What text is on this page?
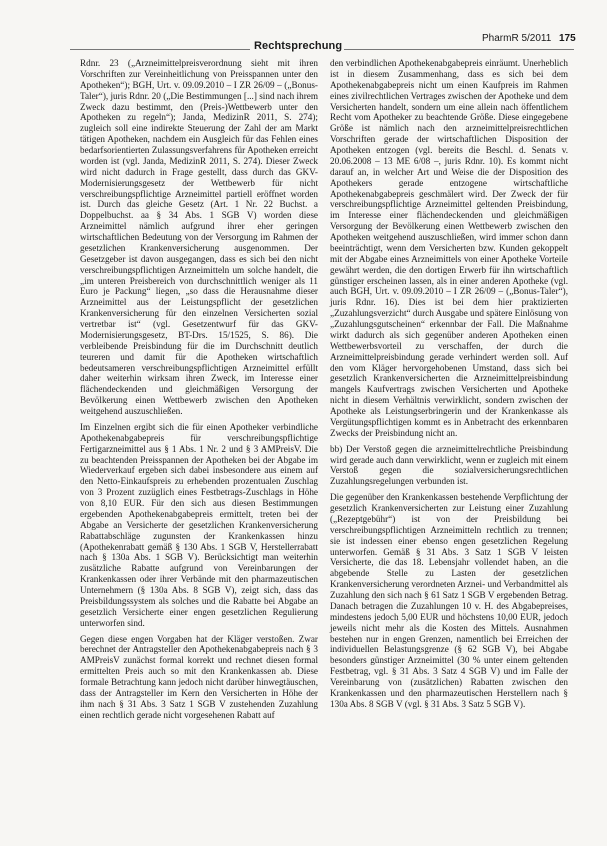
Rechtsprechung
PharmR 5/2011 175

Rdnr. 23 („Arzneimittelpreisverordnung sieht mit ihren Vorschriften zur Vereinheitlichung von Preisspannen unter den Apotheken“); BGH, Urt. v. 09.09.2010 – I ZR 26/09 – („Bonus-Taler“), juris Rdnr. 20 („Die Bestimmungen [...] sind nach ihrem Zweck dazu bestimmt, den (Preis-)Wettbewerb unter den Apotheken zu regeln“); Janda, MedizinR 2011, S. 274); zugleich soll eine indirekte Steuerung der Zahl der am Markt tätigen Apotheken, nachdem ein Ausgleich für das Fehlen eines bedarfsorientierten Zulassungsverfahrens für Apotheken erreicht worden ist (vgl. Janda, MedizinR 2011, S. 274). Dieser Zweck wird nicht dadurch in Frage gestellt, dass durch das GKV-Modernisierungsgesetz der Wettbewerb für nicht verschreibungspflichtige Arzneimittel partiell eröffnet worden ist. Durch das gleiche Gesetz (Art. 1 Nr. 22 Buchst. a Doppelbuchst. aa § 34 Abs. 1 SGB V) worden diese Arzneimittel nämlich aufgrund ihrer eher geringen wirtschaftlichen Bedeutung von der Versorgung im Rahmen der gesetzlichen Krankenversicherung ausgenommen. Der Gesetzgeber ist davon ausgegangen, dass es sich bei den nicht verschreibungspflichtigen Arzneimitteln um solche handelt, die „im unteren Preisbereich von durchschnittlich weniger als 11 Euro je Packung“ liegen, „so dass die Herausnahme dieser Arzneimittel aus der Leistungspflicht der gesetzlichen Krankenversicherung für den einzelnen Versicherten sozial vertretbar ist“ (vgl. Gesetzentwurf für das GKV-Modernisierungsgesetz, BT-Drs. 15/1525, S. 86). Die verbleibende Preisbindung für die im Durchschnitt deutlich teureren und damit für die Apotheken wirtschaftlich bedeutsameren verschreibungspflichtigen Arzneimittel erfüllt daher weiterhin wirksam ihren Zweck, im Interesse einer flächendeckenden und gleichmäßigen Versorgung der Bevölkerung einen Wettbewerb zwischen den Apotheken weitgehend auszuschließen.

Im Einzelnen ergibt sich die für einen Apotheker verbindliche Apothekenabgabepreis für verschreibungspflichtige Fertigarzneimittel aus § 1 Abs. 1 Nr. 2 und § 3 AMPreisV. Die zu beachtenden Preisspannen der Apotheken bei der Abgabe im Wiederverkauf ergeben sich dabei insbesondere aus einem auf den Netto-Einkaufspreis zu erhebenden prozentualen Zuschlag von 3 Prozent zuzüglich eines Festbetrags-Zuschlags in Höhe von 8,10 EUR. Für den sich aus diesen Bestimmungen ergebenden Apothekenabgabepreis ermittelt, treten bei der Abgabe an Versicherte der gesetzlichen Krankenversicherung Rabattabschläge zugunsten der Krankenkassen hinzu (Apothekenrabatt gemäß § 130 Abs. 1 SGB V, Herstellerrabatt nach § 130a Abs. 1 SGB V). Berücksichtigt man weiterhin zusätzliche Rabatte aufgrund von Vereinbarungen der Krankenkassen oder ihrer Verbände mit den pharmazeutischen Unternehmern (§ 130a Abs. 8 SGB V), zeigt sich, dass das Preisbildungssystem als solches und die Rabatte bei Abgabe an gesetzlich Versicherte einer engen gesetzlichen Regulierung unterworfen sind.

Gegen diese engen Vorgaben hat der Kläger verstoßen. Zwar berechnet der Antragsteller den Apothekenabgabepreis nach § 3 AMPreisV zunächst formal korrekt und rechnet diesen formal ermittelten Preis auch so mit den Krankenkassen ab. Diese formale Betrachtung kann jedoch nicht darüber hinwegtäuschen, dass der Antragsteller im Kern den Versicherten in Höhe der ihm nach § 31 Abs. 3 Satz 1 SGB V zustehenden Zuzahlung einen rechtlich gerade nicht vorgesehenen Rabatt auf

den verbindlichen Apothekenabgabepreis einräumt. Unerheblich ist in diesem Zusammenhang, dass es sich bei dem Apothekenabgabepreis nicht um einen Kaufpreis im Rahmen eines zivilrechtlichen Vertrages zwischen der Apotheke und dem Versicherten handelt, sondern um eine allein nach öffentlichem Recht vom Apotheker zu beachtende Größe. Diese eingegebene Größe ist nämlich nach den arzneimittelpreisrechtlichen Vorschriften gerade der wirtschaftlichen Disposition der Apotheken entzogen (vgl. bereits die Beschl. d. Senats v. 20.06.2008 – 13 ME 6/08 –, juris Rdnr. 10). Es kommt nicht darauf an, in welcher Art und Weise die der Disposition des Apothekers gerade entzogene wirtschaftliche Apothekenabgabepreis geschmälert wird. Der Zweck der für verschreibungspflichtige Arzneimittel geltenden Preisbindung, im Interesse einer flächendeckenden und gleichmäßigen Versorgung der Bevölkerung einen Wettbewerb zwischen den Apotheken weitgehend auszuschließen, wird immer schon dann beeinträchtigt, wenn dem Versicherten bzw. Kunden gekoppelt mit der Abgabe eines Arzneimittels von einer Apotheke Vorteile gewährt werden, die den dortigen Erwerb für ihn wirtschaftlich günstiger erscheinen lassen, als in einer anderen Apotheke (vgl. auch BGH, Urt. v. 09.09.2010 – I ZR 26/09 – („Bonus-Taler“), juris Rdnr. 16). Dies ist bei dem hier praktizierten „Zuzahlungsverzicht“ durch Ausgabe und spätere Einlösung von „Zuzahlungsgutscheinen“ erkennbar der Fall. Die Maßnahme wirkt dadurch als sich gegenüber anderen Apotheken einen Wettbewerbsvorteil zu verschaffen, der durch die Arzneimittelpreisbindung gerade verhindert werden soll. Auf den vom Kläger hervorgehobenen Umstand, dass sich bei gesetzlich Krankenversicherten die Arzneimittelpreisbindung mangels Kaufvertrags zwischen Versicherten und Apotheke nicht in diesem Verhältnis verwirklicht, sondern zwischen der Apotheke als Leistungserbringerin und der Krankenkasse als Vergütungspflichtigen kommt es in Anbetracht des erkennbaren Zwecks der Preisbindung nicht an.

bb) Der Verstoß gegen die arzneimittelrechtliche Preisbindung wird gerade auch dann verwirklicht, wenn er zugleich mit einem Verstoß gegen die sozialversicherungsrechtlichen Zuzahlungsregelungen verbunden ist.

Die gegenüber den Krankenkassen bestehende Verpflichtung der gesetzlich Krankenversicherten zur Leistung einer Zuzahlung („Rezeptgebühr“) ist von der Preisbildung bei verschreibungspflichtigen Arzneimitteln rechtlich zu trennen; sie ist indessen einer ebenso engen gesetzlichen Regelung unterworfen. Gemäß § 31 Abs. 3 Satz 1 SGB V leisten Versicherte, die das 18. Lebensjahr vollendet haben, an die abgebende Stelle zu Lasten der gesetzlichen Krankenversicherung verordneten Arznei- und Verbandmittel als Zuzahlung den sich nach § 61 Satz 1 SGB V ergebenden Betrag. Danach betragen die Zuzahlungen 10 v. H. des Abgabepreises, mindestens jedoch 5,00 EUR und höchstens 10,00 EUR, jedoch jeweils nicht mehr als die Kosten des Mittels. Ausnahmen bestehen nur in engen Grenzen, namentlich bei Erreichen der individuellen Belastungsgrenze (§ 62 SGB V), bei Abgabe besonders günstiger Arzneimittel (30 % unter einem geltenden Festbetrag, vgl. § 31 Abs. 3 Satz 4 SGB V) und im Falle der Vereinbarung von (zusätzlichen) Rabatten zwischen den Krankenkassen und den pharmazeutischen Herstellern nach § 130a Abs. 8 SGB V (vgl. § 31 Abs. 3 Satz 5 SGB V).
